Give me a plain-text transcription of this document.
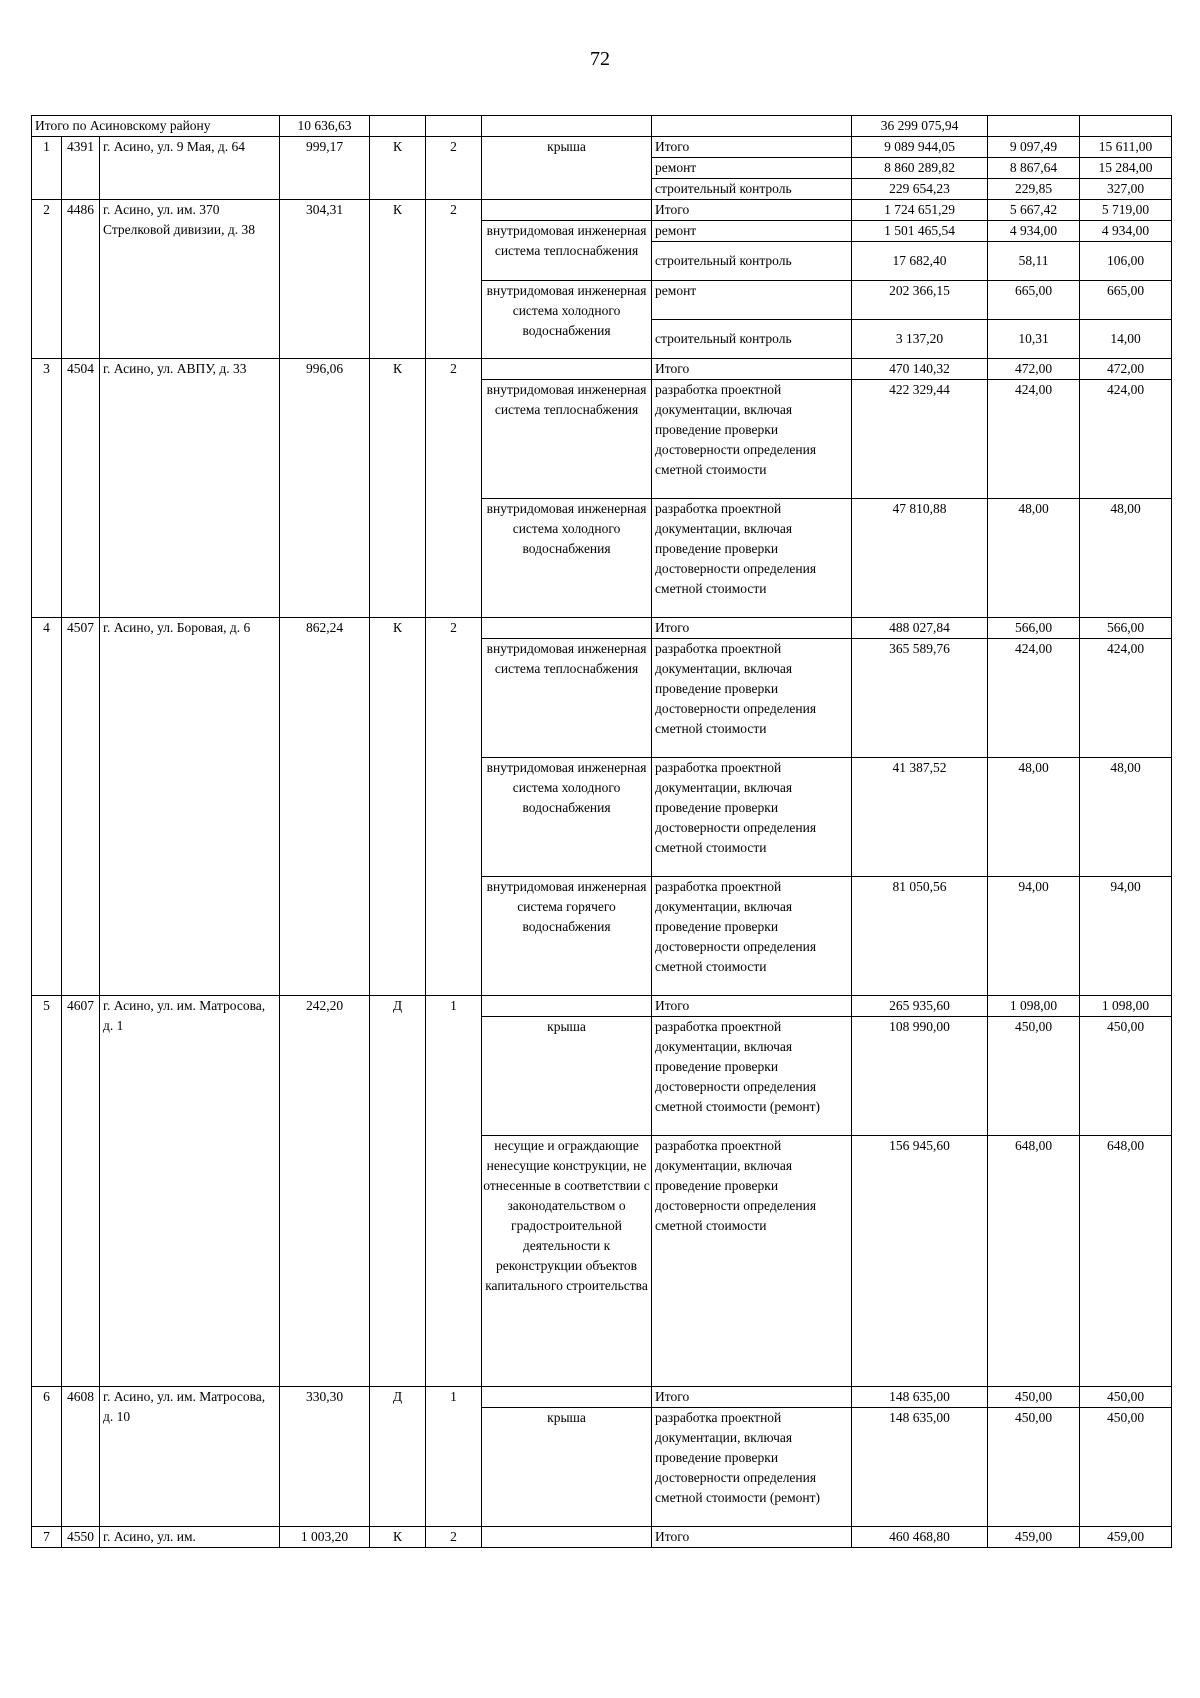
72
Итого по Асиновскому району			10 636,63					36 299 075,94		
1	4391	г. Асино, ул. 9 Мая, д. 64	999,17	К	2	крыша	Итого	9 089 944,05	9 097,49	15 611,00
							ремонт	8 860 289,82	8 867,64	15 284,00
							строительный контроль	229 654,23	229,85	327,00
2	4486	г. Асино, ул. им. 370 Стрелковой дивизии, д. 38	304,31	К	2		Итого	1 724 651,29	5 667,42	5 719,00
						внутридомовая инженерная система теплоснабжения	ремонт	1 501 465,54	4 934,00	4 934,00
							строительный контроль	17 682,40	58,11	106,00
						внутридомовая инженерная система холодного водоснабжения	ремонт	202 366,15	665,00	665,00
							строительный контроль	3 137,20	10,31	14,00
3	4504	г. Асино, ул. АВПУ, д. 33	996,06	К	2		Итого	470 140,32	472,00	472,00
						внутридомовая инженерная система теплоснабжения	разработка проектной документации, включая проведение проверки достоверности определения сметной стоимости	422 329,44	424,00	424,00
						внутридомовая инженерная система холодного водоснабжения	разработка проектной документации, включая проведение проверки достоверности определения сметной стоимости	47 810,88	48,00	48,00
4	4507	г. Асино, ул. Боровая, д. 6	862,24	К	2		Итого	488 027,84	566,00	566,00
						внутридомовая инженерная система теплоснабжения	разработка проектной документации, включая проведение проверки достоверности определения сметной стоимости	365 589,76	424,00	424,00
						внутридомовая инженерная система холодного водоснабжения	разработка проектной документации, включая проведение проверки достоверности определения сметной стоимости	41 387,52	48,00	48,00
						внутридомовая инженерная система горячего водоснабжения	разработка проектной документации, включая проведение проверки достоверности определения сметной стоимости	81 050,56	94,00	94,00
5	4607	г. Асино, ул. им. Матросова, д. 1	242,20	Д	1		Итого	265 935,60	1 098,00	1 098,00
						крыша	разработка проектной документации, включая проведение проверки достоверности определения сметной стоимости (ремонт)	108 990,00	450,00	450,00
						несущие и ограждающие ненесущие конструкции, не отнесенные в соответствии с законодательством о градостроительной деятельности к реконструкции объектов капитального строительства	разработка проектной документации, включая проведение проверки достоверности определения сметной стоимости	156 945,60	648,00	648,00
6	4608	г. Асино, ул. им. Матросова, д. 10	330,30	Д	1		Итого	148 635,00	450,00	450,00
						крыша	разработка проектной документации, включая проведение проверки достоверности определения сметной стоимости (ремонт)	148 635,00	450,00	450,00
7	4550	г. Асино, ул. им.	1 003,20	К	2		Итого	460 468,80	459,00	459,00
